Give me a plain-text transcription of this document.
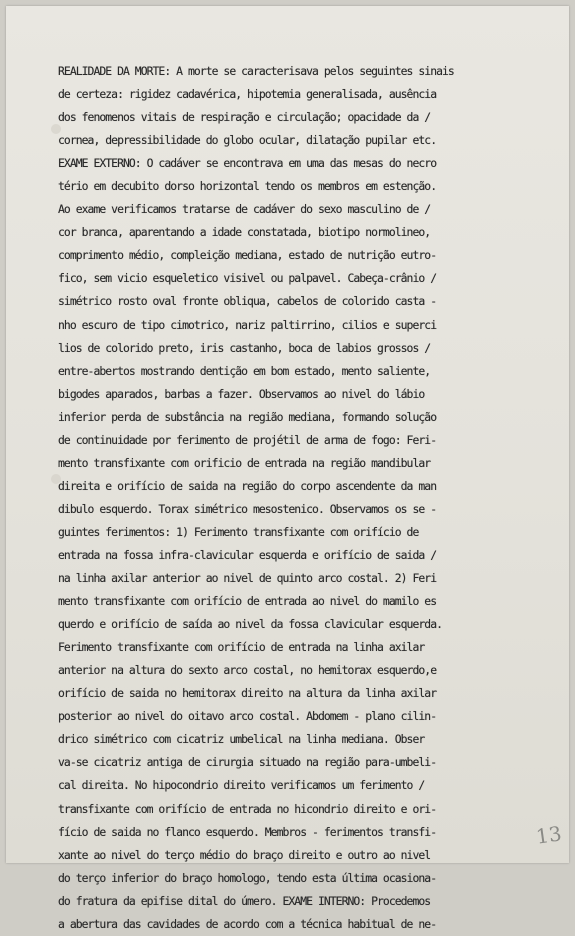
REALIDADE DA MORTE: A morte se caracterisava pelos seguintes sinais
de certeza: rigidez cadavérica, hipotemia generalisada, ausência
dos fenomenos vitais de respiração e circulação; opacidade da /
cornea, depressibilidade do globo ocular, dilatação pupilar etc.
EXAME EXTERNO: O cadáver se encontrava em uma das mesas do necro
tério em decubito dorso horizontal tendo os membros em estenção.
Ao exame verificamos tratarse de cadáver do sexo masculino de /
cor branca, aparentando a idade constatada, biotipo normolineo,
comprimento médio, compleição mediana, estado de nutrição eutro-
fico, sem vicio esqueletico visivel ou palpavel. Cabeça-crânio /
simétrico rosto oval fronte obliqua, cabelos de colorido casta -
nho escuro de tipo cimotrico, nariz paltirrino, cilios e superci
lios de colorido preto, iris castanho, boca de labios grossos /
entre-abertos mostrando dentição em bom estado, mento saliente,
bigodes aparados, barbas a fazer. Observamos ao nivel do lábio
inferior perda de substância na região mediana, formando solução
de continuidade por ferimento de projétil de arma de fogo: Feri-
mento transfixante com orificio de entrada na região mandibular
direita e orifício de saida na região do corpo ascendente da man
dibulo esquerdo. Torax simétrico mesostenico. Observamos os se -
guintes ferimentos: 1) Ferimento transfixante com orifício de
entrada na fossa infra-clavicular esquerda e orifício de saida /
na linha axilar anterior ao nivel de quinto arco costal. 2) Feri
mento transfixante com orifício de entrada ao nivel do mamilo es
querdo e orifício de saída ao nivel da fossa clavicular esquerda.
Ferimento transfixante com orifício de entrada na linha axilar
anterior na altura do sexto arco costal, no hemitorax esquerdo,e
orifício de saida no hemitorax direito na altura da linha axilar
posterior ao nivel do oitavo arco costal. Abdomem - plano cilin-
drico simétrico com cicatriz umbelical na linha mediana. Obser
va-se cicatriz antiga de cirurgia situado na região para-umbeli-
cal direita. No hipocondrio direito verificamos um ferimento /
transfixante com orifício de entrada no hicondrio direito e ori-
fício de saida no flanco esquerdo. Membros - ferimentos transfi-
xante ao nivel do terço médio do braço direito e outro ao nivel
do terço inferior do braço homologo, tendo esta última ocasiona-
do fratura da epifise dital do úmero. EXAME INTERNO: Procedemos
a abertura das cavidades de acordo com a técnica habitual de ne-
13
